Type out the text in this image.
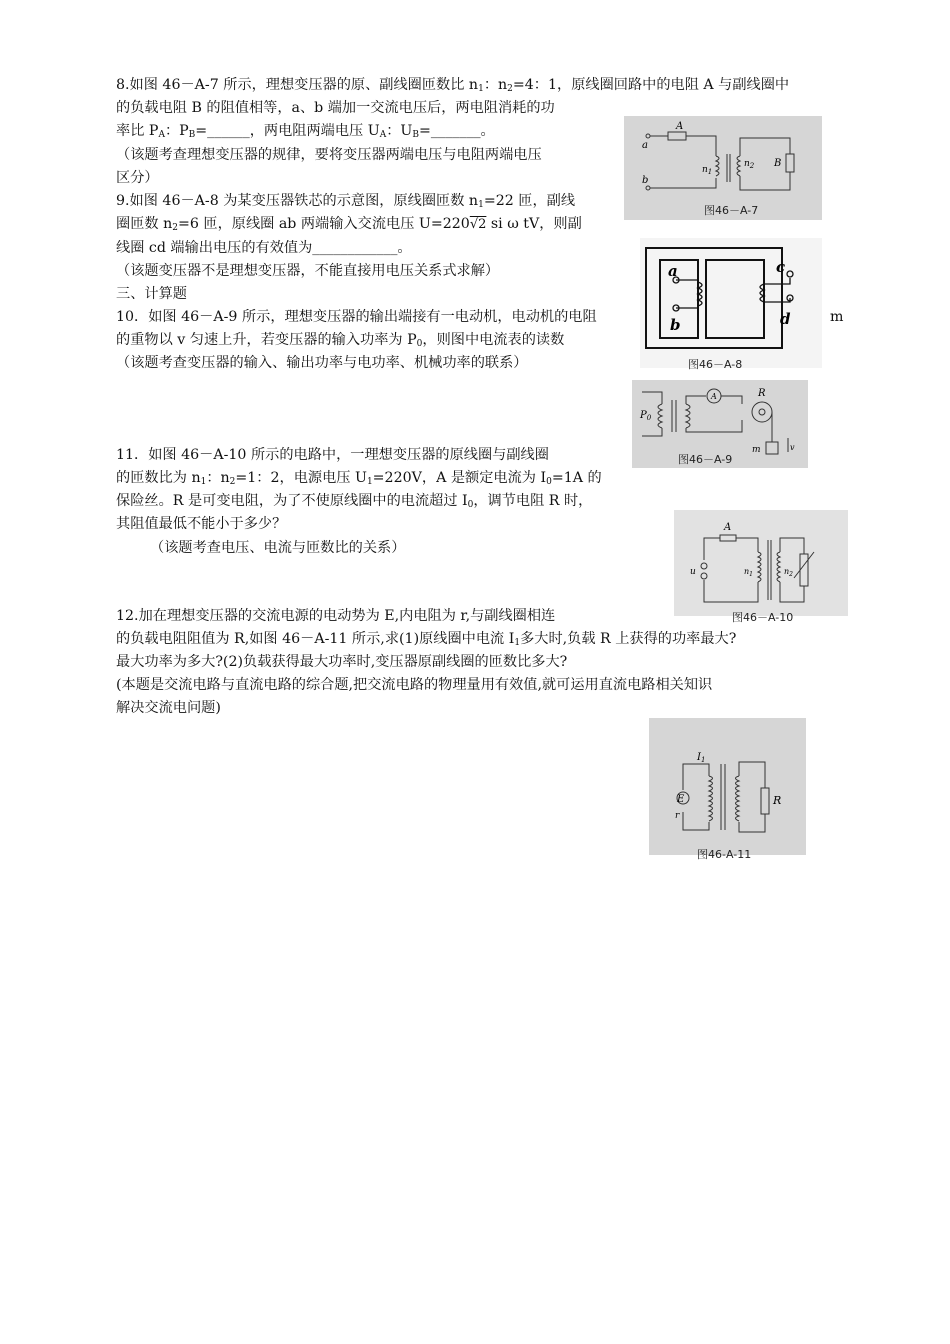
8.如图 46－A-7 所示，理想变压器的原、副线圈匝数比 $n_1$：$n_2=4$：1，原线圈回路中的电阻 A 与副线圈中
的负载电阻 B 的阻值相等，a、b 端加一交流电压后，两电阻消耗的功
率比 $P_A$：$P_B=\_\_\_\_\_\_$，两电阻两端电压 $U_A$：$U_B=\_\_\_\_\_\_\_$。
（该题考查理想变压器的规律，要将变压器两端电压与电阻两端电压
区分）
9.如图 46－A-8 为某变压器铁芯的示意图，原线圈匝数 $n_1=22$ 匝，副线
圈匝数 $n_2=6$ 匝，原线圈 ab 两端输入交流电压 U=220√2 si ω tV，则副
线圈 cd 端输出电压的有效值为____________。
（该题变压器不是理想变压器，不能直接用电压关系式求解）
三、计算题
10．如图 46－A-9 所示，理想变压器的输出端接有一电动机，电动机的电阻	m
的重物以 v 匀速上升，若变压器的输入功率为 $P_0$，则图中电流表的读数
（该题考查变压器的输入、输出功率与电功率、机械功率的联系）
11．如图 46－A-10 所示的电路中，一理想变压器的原线圈与副线圈
的匝数比为 $n_1$：$n_2=1$：2，电源电压 $U_1=220V$，A 是额定电流为 $I_0=1A$ 的
保险丝。R 是可变电阻，为了不使原线圈中的电流超过 $I_0$，调节电阻 R 时，
其阻值最低不能小于多少？
（该题考查电压、电流与匝数比的关系）
12.加在理想变压器的交流电源的电动势为 E,内电阻为 r,与副线圈相连
的负载电阻阻值为 R,如图 46－A-11 所示,求(1)原线圈中电流 $I_1$多大时,负载 R 上获得的功率最大?
最大功率为多大?(2)负载获得最大功率时,变压器原副线圈的匝数比多大?
(本题是交流电路与直流电路的综合题,把交流电路的物理量用有效值,就可运用直流电路相关知识
解决交流电问题)
A
a
b
$n_1$
$n_2$ B
图46－A-7
a
b
c
d
图46－A-8
$P_0$
A	R
m	v
图46－A-9
A
u	$n_1$	$n_2$
图46－A-10
E
r
$I_1$
R
图46-A-11
